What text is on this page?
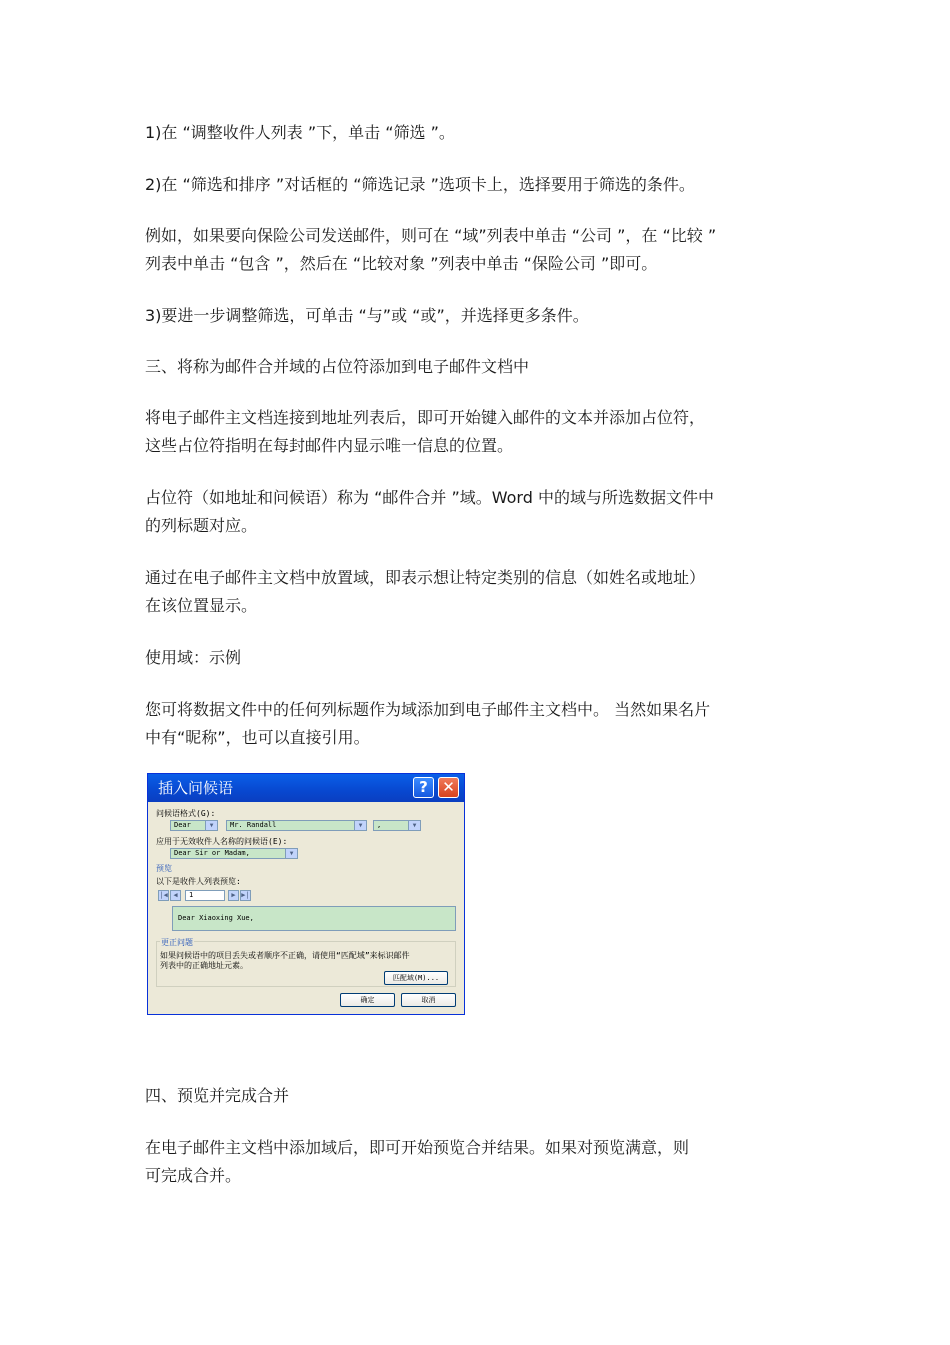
1)在 “调整收件人列表 ”下，单击 “筛选 ”。

2)在 “筛选和排序 ”对话框的 “筛选记录 ”选项卡上，选择要用于筛选的条件。

例如，如果要向保险公司发送邮件，则可在 “域”列表中单击 “公司 ”，在 “比较 ”
列表中单击 “包含 ”，然后在 “比较对象 ”列表中单击 “保险公司 ”即可。

3)要进一步调整筛选，可单击 “与”或 “或”，并选择更多条件。

三、将称为邮件合并域的占位符添加到电子邮件文档中

将电子邮件主文档连接到地址列表后，即可开始键入邮件的文本并添加占位符，
这些占位符指明在每封邮件内显示唯一信息的位置。

占位符（如地址和问候语）称为 “邮件合并 ”域。Word 中的域与所选数据文件中
的列标题对应。

通过在电子邮件主文档中放置域，即表示想让特定类别的信息（如姓名或地址）
在该位置显示。

使用域：示例

您可将数据文件中的任何列标题作为域添加到电子邮件主文档中。 当然如果名片
中有“昵称”，也可以直接引用。

四、预览并完成合并

在电子邮件主文档中添加域后，即可开始预览合并结果。如果对预览满意，则
可完成合并。

插入问候语	? ✕
问候语格式(G):
Dear	▼	Mr. Randall	▼	,	▼
应用于无效收件人名称的问候语(E):
Dear Sir or Madam,	▼
预览
以下是收件人列表预览:
|◀ ◀	1	▶ ▶|
Dear Xiaoxing Xue,
更正问题
如果问候语中的项目丢失或者顺序不正确，请使用“匹配域”来标识邮件
列表中的正确地址元素。
匹配域(M)...
确定	取消
